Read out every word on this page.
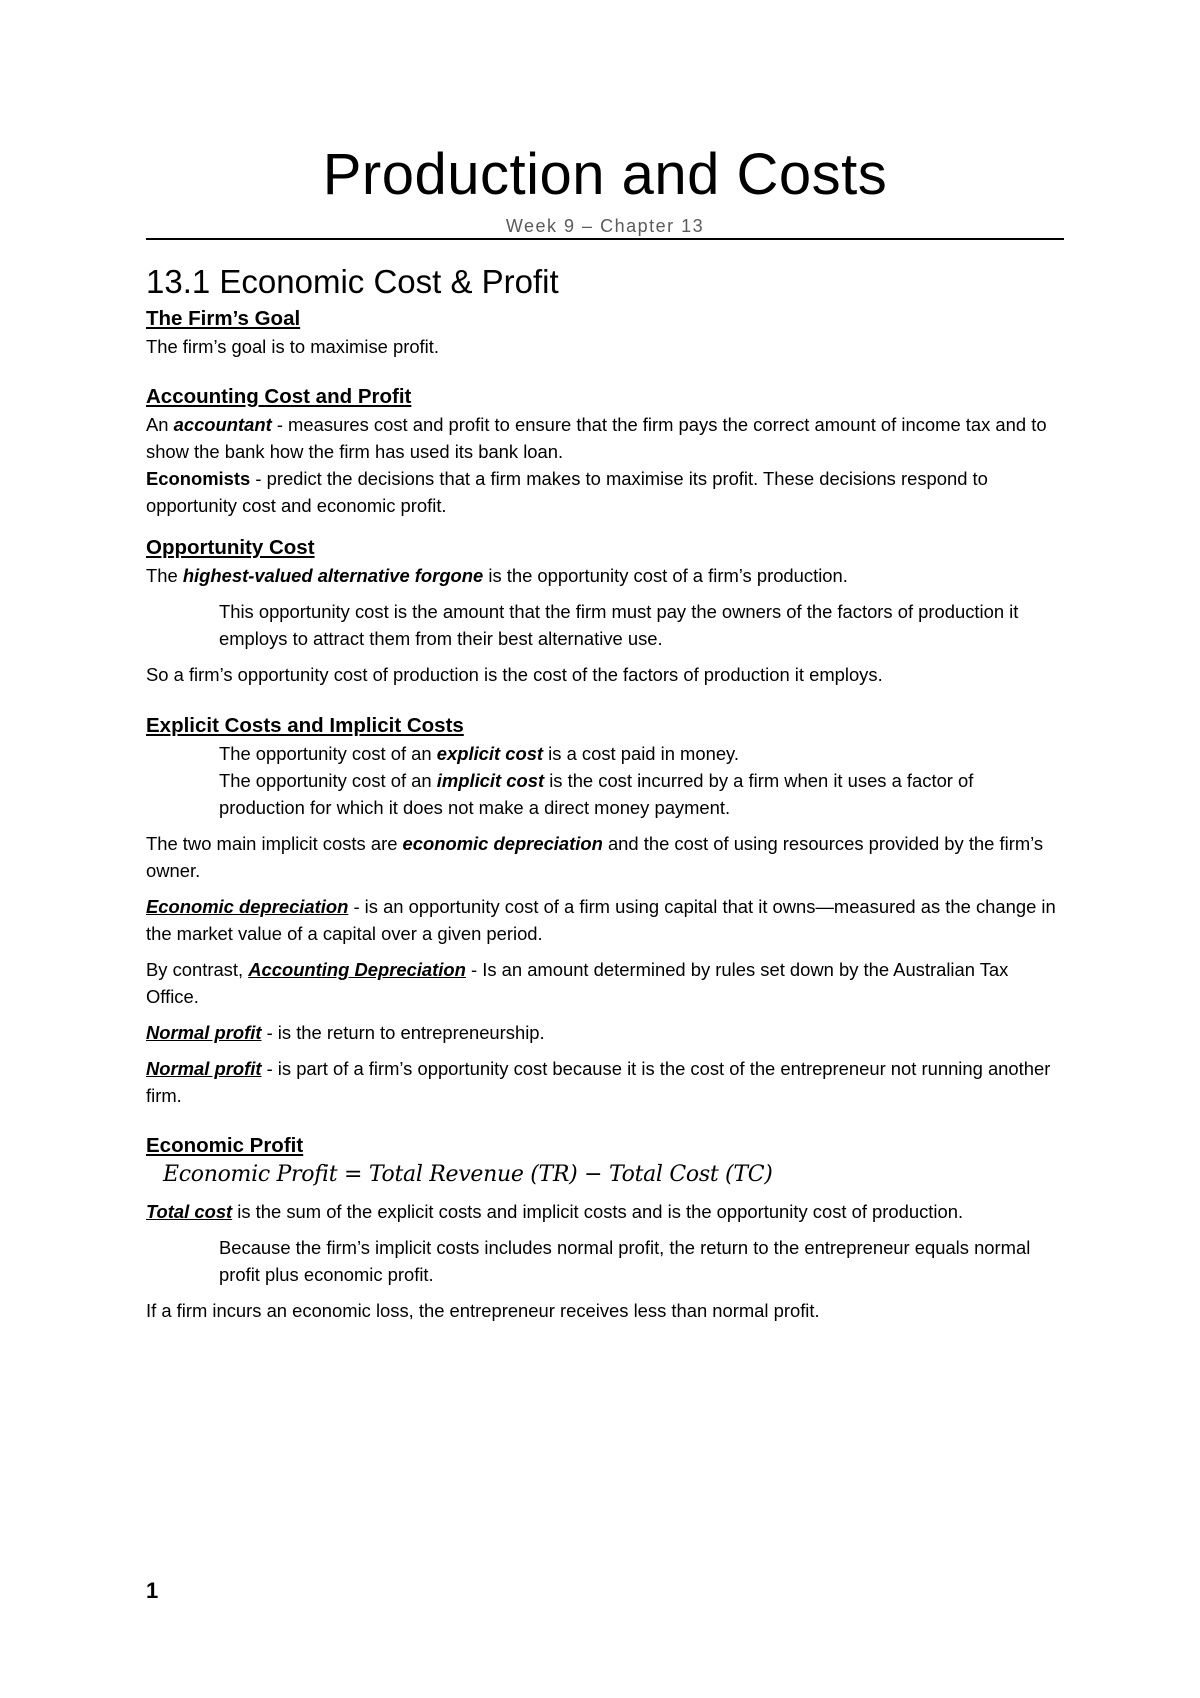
Production and Costs
Week 9 – Chapter 13
13.1 Economic Cost & Profit
The Firm’s Goal

The firm’s goal is to maximise profit.

Accounting Cost and Profit

An accountant - measures cost and profit to ensure that the firm pays the correct amount of income tax and to show the bank how the firm has used its bank loan.

Economists - predict the decisions that a firm makes to maximise its profit. These decisions respond to opportunity cost and economic profit.

Opportunity Cost

The highest-valued alternative forgone is the opportunity cost of a firm’s production.

This opportunity cost is the amount that the firm must pay the owners of the factors of production it employs to attract them from their best alternative use.

So a firm’s opportunity cost of production is the cost of the factors of production it employs.

Explicit Costs and Implicit Costs

The opportunity cost of an explicit cost is a cost paid in money.

The opportunity cost of an implicit cost is the cost incurred by a firm when it uses a factor of production for which it does not make a direct money payment.

The two main implicit costs are economic depreciation and the cost of using resources provided by the firm’s owner.

Economic depreciation - is an opportunity cost of a firm using capital that it owns—measured as the change in the market value of a capital over a given period.

By contrast, Accounting Depreciation - Is an amount determined by rules set down by the Australian Tax Office.

Normal profit - is the return to entrepreneurship.

Normal profit - is part of a firm’s opportunity cost because it is the cost of the entrepreneur not running another firm.

Economic Profit
Economic Profit = Total Revenue (TR) − Total Cost (TC)

Total cost is the sum of the explicit costs and implicit costs and is the opportunity cost of production.

Because the firm’s implicit costs includes normal profit, the return to the entrepreneur equals normal profit plus economic profit.

If a firm incurs an economic loss, the entrepreneur receives less than normal profit.

1
